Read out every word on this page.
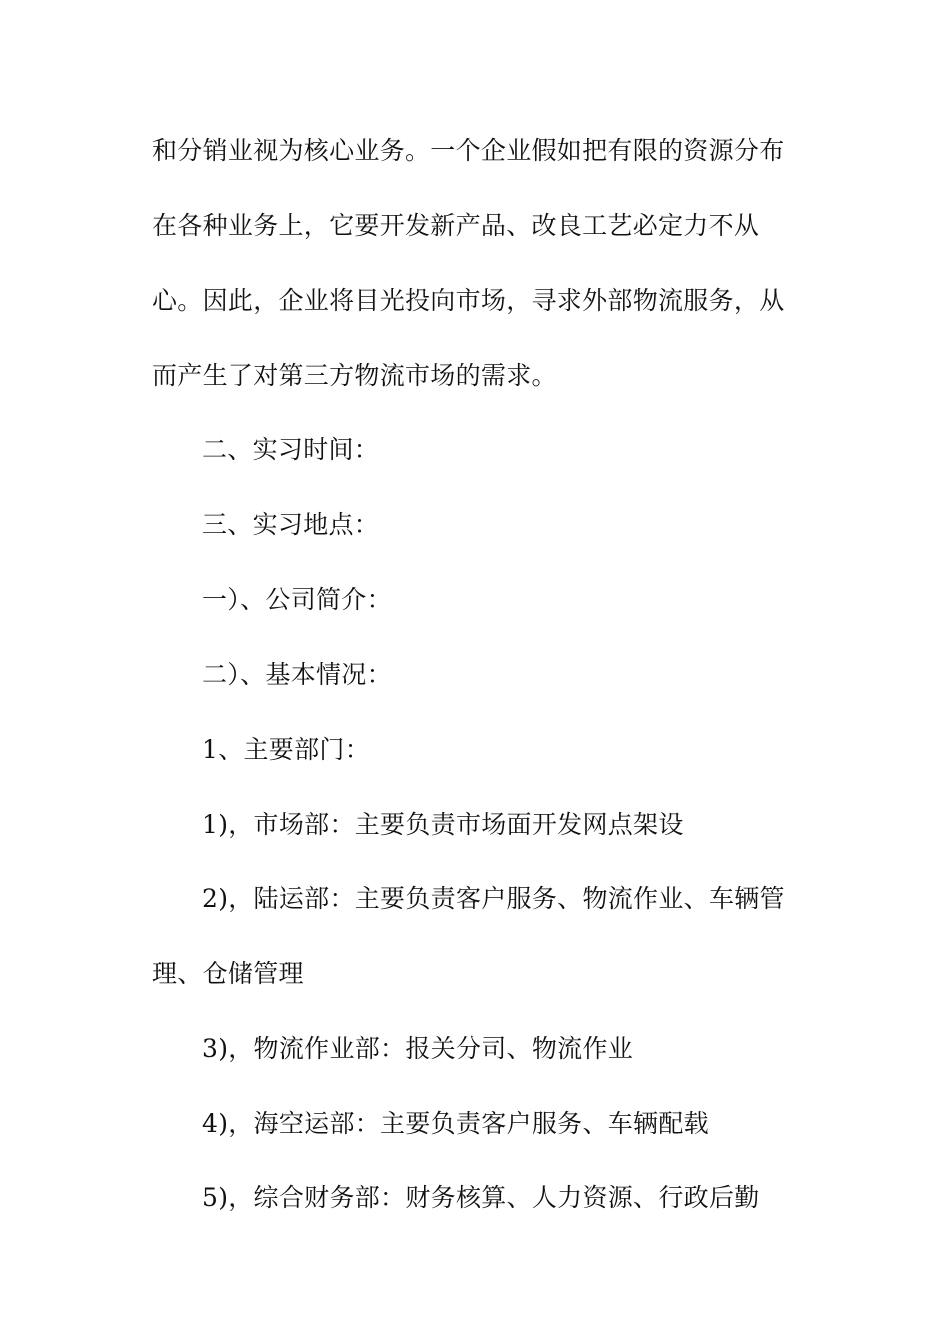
和分销业视为核心业务。一个企业假如把有限的资源分布
在各种业务上，它要开发新产品、改良工艺必定力不从
心。因此，企业将目光投向市场，寻求外部物流服务，从
而产生了对第三方物流市场的需求。
二、实习时间：
三、实习地点：
一）、公司简介：
二）、基本情况：
1、主要部门：
1)，市场部：主要负责市场面开发网点架设
2)，陆运部：主要负责客户服务、物流作业、车辆管
理、仓储管理
3)，物流作业部：报关分司、物流作业
4)，海空运部：主要负责客户服务、车辆配载
5)，综合财务部：财务核算、人力资源、行政后勤
